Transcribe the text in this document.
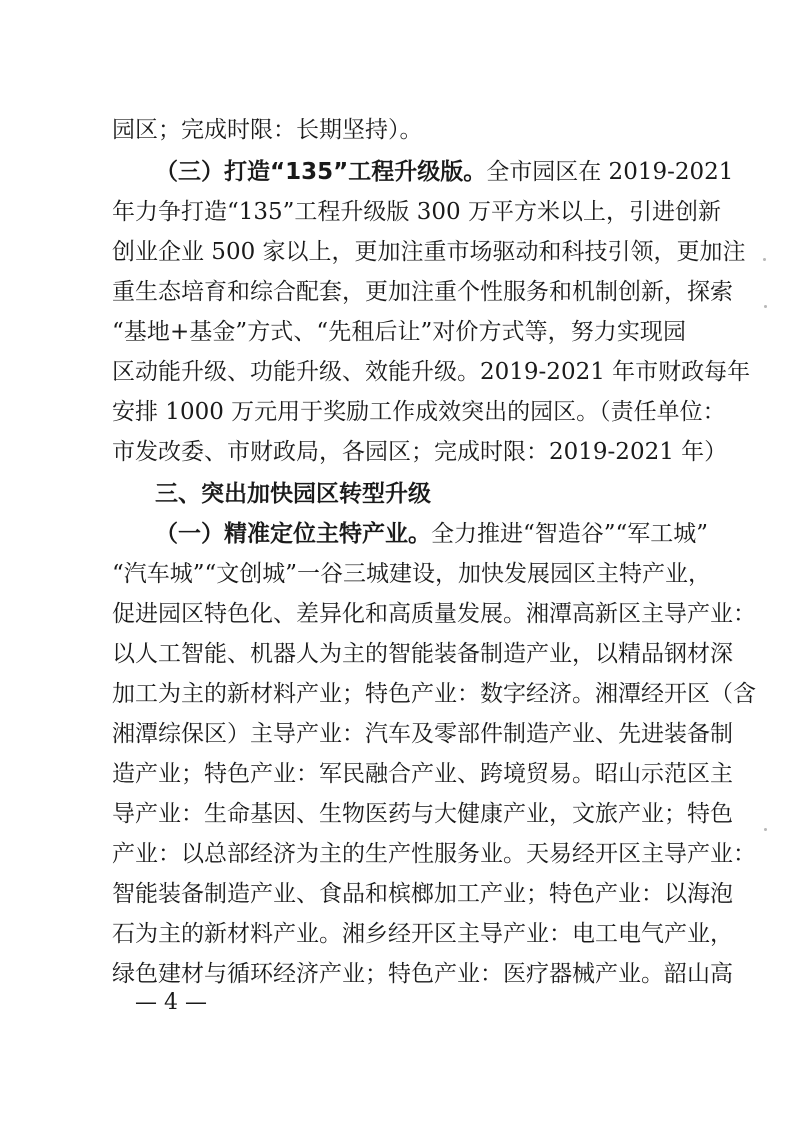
园区；完成时限：长期坚持）。
（三）打造“135”工程升级版。全市园区在 2019-2021
年力争打造“135”工程升级版 300 万平方米以上，引进创新
创业企业 500 家以上，更加注重市场驱动和科技引领，更加注
重生态培育和综合配套，更加注重个性服务和机制创新，探索
“基地+基金”方式、“先租后让”对价方式等，努力实现园
区动能升级、功能升级、效能升级。2019-2021 年市财政每年
安排 1000 万元用于奖励工作成效突出的园区。（责任单位：
市发改委、市财政局，各园区；完成时限：2019-2021 年）
三、突出加快园区转型升级
（一）精准定位主特产业。全力推进“智造谷”“军工城”
“汽车城”“文创城”一谷三城建设，加快发展园区主特产业，
促进园区特色化、差异化和高质量发展。湘潭高新区主导产业：
以人工智能、机器人为主的智能装备制造产业，以精品钢材深
加工为主的新材料产业；特色产业：数字经济。湘潭经开区（含
湘潭综保区）主导产业：汽车及零部件制造产业、先进装备制
造产业；特色产业：军民融合产业、跨境贸易。昭山示范区主
导产业：生命基因、生物医药与大健康产业，文旅产业；特色
产业：以总部经济为主的生产性服务业。天易经开区主导产业：
智能装备制造产业、食品和槟榔加工产业；特色产业：以海泡
石为主的新材料产业。湘乡经开区主导产业：电工电气产业，
绿色建材与循环经济产业；特色产业：医疗器械产业。韶山高
— 4 —
